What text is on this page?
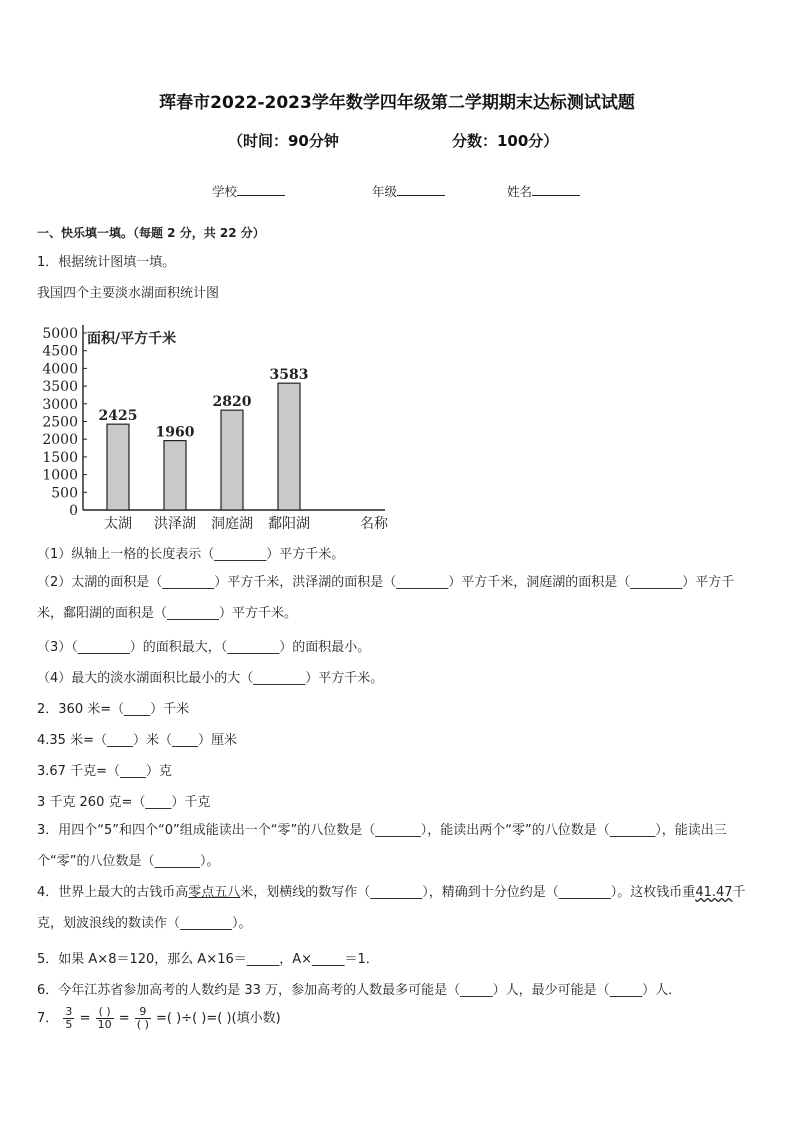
珲春市2022-2023学年数学四年级第二学期期末达标测试试题
（时间：90分钟	分数：100分）
学校	年级	姓名
一、快乐填一填。（每题 2 分，共 22 分）
1．根据统计图填一填。
我国四个主要淡水湖面积统计图
0
500
1000
1500
2000
2500
3000
3500
4000
4500
5000 面积/平方千米
2425
太湖
1960
洪泽湖
2820
洞庭湖
3583
鄱阳湖	名称
（1）纵轴上一格的长度表示（________）平方千米。
（2）太湖的面积是（________）平方千米，洪泽湖的面积是（________）平方千米，洞庭湖的面积是（________）平方千米，鄱阳湖的面积是（________）平方千米。
（3）（________）的面积最大，（________）的面积最小。
（4）最大的淡水湖面积比最小的大（________）平方千米。
2．360 米=（____）千米
4.35 米=（____）米（____）厘米
3.67 千克=（____）克
3 千克 260 克=（____）千克
3．用四个“5”和四个“0”组成能读出一个“零”的八位数是（_______），能读出两个“零”的八位数是（_______），能读出三个“零”的八位数是（_______）。
4．世界上最大的古钱币高零点五八米，划横线的数写作（________），精确到十分位约是（________）。这枚钱币重41.47千克，划波浪线的数读作（________）。
5．如果 A×8＝120，那么 A×16＝_____，A×_____＝1．
6．今年江苏省参加高考的人数约是 33 万，参加高考的人数最多可能是（_____）人，最少可能是（_____）人．
7． $\frac{3}{5} = \frac{( )}{10} = \frac{9}{( )}$ =( )÷( )=( )(填小数)
